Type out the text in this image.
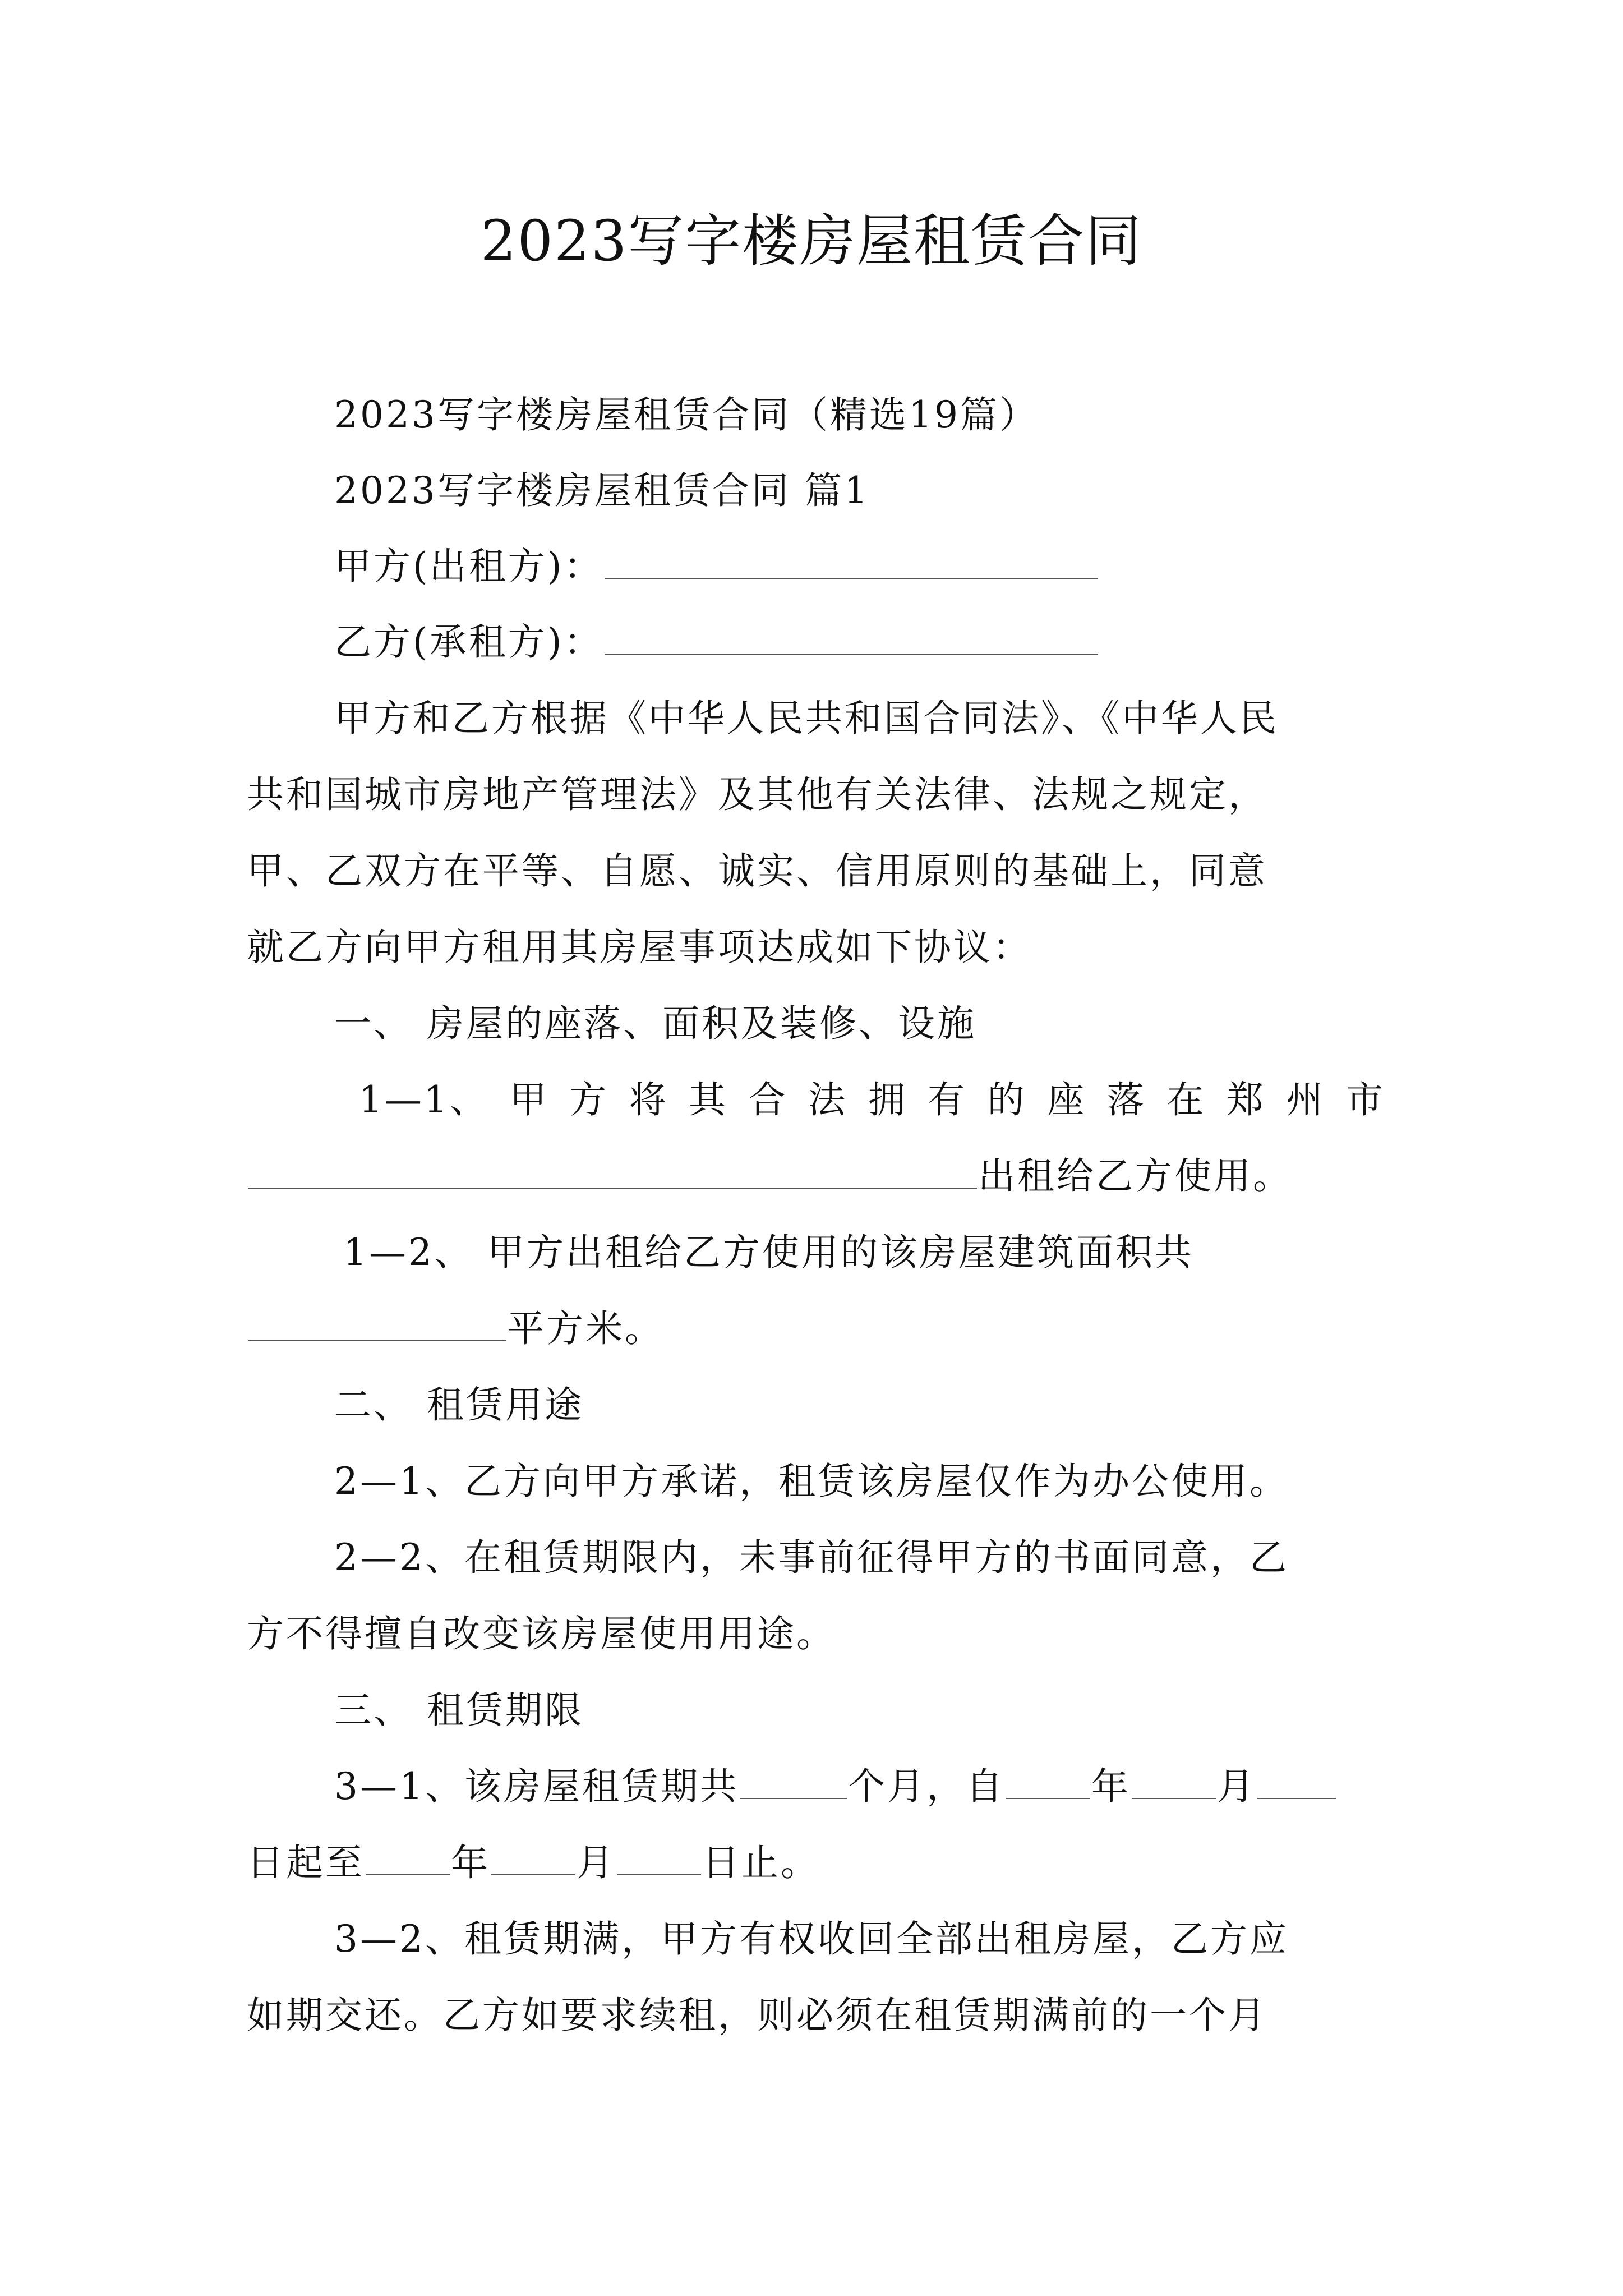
2023写字楼房屋租赁合同
2023写字楼房屋租赁合同（精选19篇）
2023写字楼房屋租赁合同 篇1
甲方(出租方)：
乙方(承租方)：
甲方和乙方根据《中华人民共和国合同法》、《中华人民
共和国城市房地产管理法》及其他有关法律、法规之规定，
甲、乙双方在平等、自愿、诚实、信用原则的基础上，同意
就乙方向甲方租用其房屋事项达成如下协议：
一、 房屋的座落、面积及装修、设施
1—1、 甲 方 将 其 合 法 拥 有 的 座 落 在 郑 州 市
出租给乙方使用。
1—2、 甲方出租给乙方使用的该房屋建筑面积共
平方米。
二、 租赁用途
2—1、乙方向甲方承诺，租赁该房屋仅作为办公使用。
2—2、在租赁期限内，未事前征得甲方的书面同意，乙
方不得擅自改变该房屋使用用途。
三、 租赁期限
3—1、该房屋租赁期共	个月，自 年 月
日起至 年 月 日止。
3—2、租赁期满，甲方有权收回全部出租房屋，乙方应
如期交还。乙方如要求续租，则必须在租赁期满前的一个月
